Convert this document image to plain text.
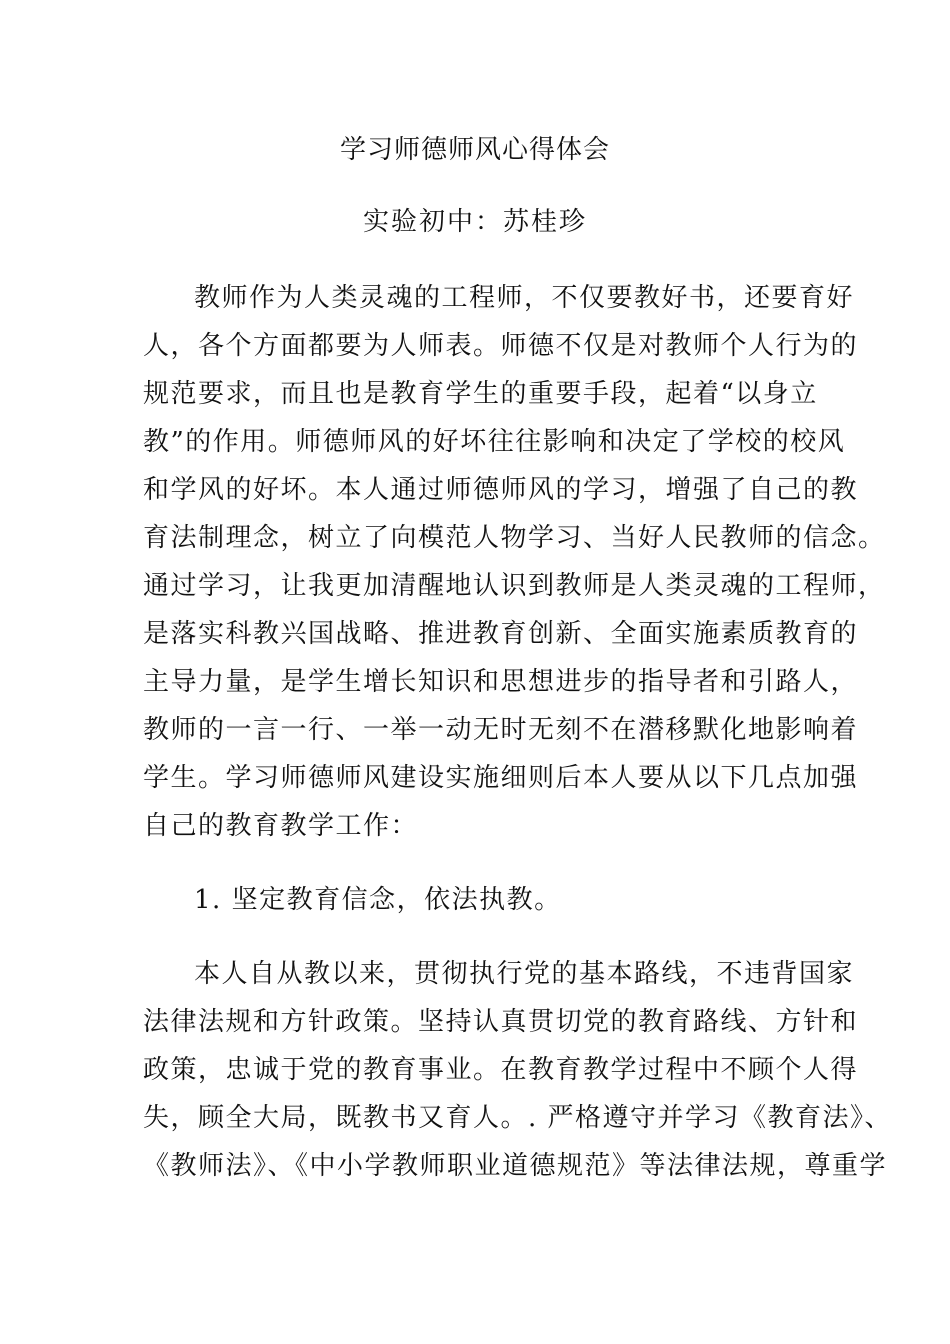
学习师德师风心得体会
实验初中：苏桂珍
教师作为人类灵魂的工程师，不仅要教好书，还要育好
人，各个方面都要为人师表。师德不仅是对教师个人行为的
规范要求，而且也是教育学生的重要手段，起着“以身立
教”的作用。师德师风的好坏往往影响和决定了学校的校风
和学风的好坏。本人通过师德师风的学习，增强了自己的教
育法制理念，树立了向模范人物学习、当好人民教师的信念。
通过学习，让我更加清醒地认识到教师是人类灵魂的工程师，
是落实科教兴国战略、推进教育创新、全面实施素质教育的
主导力量，是学生增长知识和思想进步的指导者和引路人，
教师的一言一行、一举一动无时无刻不在潜移默化地影响着
学生。学习师德师风建设实施细则后本人要从以下几点加强
自己的教育教学工作：
1. 坚定教育信念，依法执教。
本人自从教以来，贯彻执行党的基本路线，不违背国家
法律法规和方针政策。坚持认真贯切党的教育路线、方针和
政策，忠诚于党的教育事业。在教育教学过程中不顾个人得
失，顾全大局，既教书又育人。. 严格遵守并学习《教育法》、
《教师法》、《中小学教师职业道德规范》等法律法规，尊重学
